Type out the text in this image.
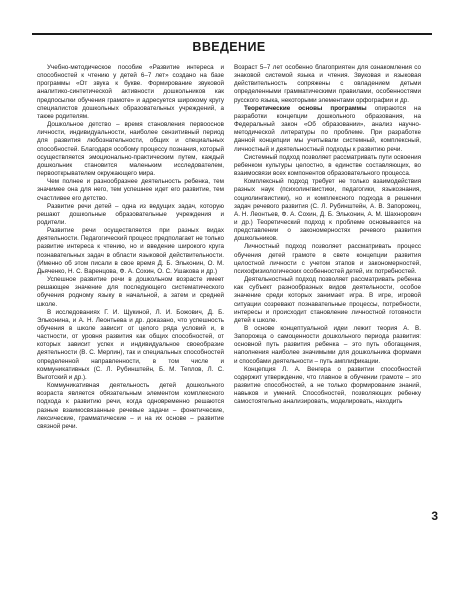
ВВЕДЕНИЕ

Учебно-методическое пособие «Развитие интереса и способностей к чтению у детей 6–7 лет» создано на базе программы «От звука к букве. Формирование звуковой аналитико-синтетической активности дошкольников как предпосылки обучения грамоте» и адресуется широкому кругу специалистов дошкольных образовательных учреждений, а также родителям.

Дошкольное детство – время становления первооснов личности, индивидуальности, наиболее сензитивный период для развития любознательности, общих и специальных способностей. Благодаря особому процессу познания, который осуществляется эмоционально-практическим путем, каждый дошкольник становится маленьким исследователем, первооткрывателем окружающего мира.

Чем полнее и разнообразнее деятельность ребенка, тем значимее она для него, тем успешнее идет его развитие, тем счастливее его детство.

Развитие речи детей – одна из ведущих задач, которую решают дошкольные образовательные учреждения и родители.

Развитие речи осуществляется при разных видах деятельности. Педагогический процесс предполагает не только развитие интереса к чтению, но и введение широкого круга познавательных задач в области языковой действительности. (Именно об этом писали в свое время Д. Б. Эльконин, О. М. Дьяченко, Н. С. Варенцова, Ф. А. Сохин, О. С. Ушакова и др.)

Успешное развитие речи в дошкольном возрасте имеет решающее значение для последующего систематического обучения родному языку в начальной, а затем и средней школе.

В исследованиях Г. И. Щукиной, Л. И. Божович, Д. Б. Эльконина, и А. Н. Леонтьева и др. доказано, что успешность обучения в школе зависит от целого ряда условий и, в частности, от уровня развития как общих способностей, от которых зависит успех и индивидуальное своеобразие деятельности (В. С. Мерлин), так и специальных способностей определенной направленности, в том числе и коммуникативных (С. Л. Рубинштейн, Б. М. Теплов, Л. С. Выготский и др.).

Коммуникативная деятельность детей дошкольного возраста является обязательным элементом комплексного подхода к развитию речи, когда одновременно решаются разные взаимосвязанные речевые задачи – фонетические, лексические, грамматические – и на их основе – развитие связной речи.

Возраст 5–7 лет особенно благоприятен для ознакомления со знаковой системой языка и чтения. Звуковая и языковая действительность сопряжены с овладением детьми определенными грамматическими правилами, особенностями русского языка, некоторыми элементами орфографии и др.

Теоретические основы программы опираются на разработки концепции дошкольного образования, на Федеральный закон «Об образовании», анализ научно-методической литературы по проблеме. При разработке данной концепции мы учитывали системный, комплексный, личностный и деятельностный подходы к развитию речи.

Системный подход позволяет рассматривать пути освоения ребенком культуры целостно, в единстве составляющих, во взаимосвязи всех компонентов образовательного процесса.

Комплексный подход требует не только взаимодействия разных наук (психолингвистики, педагогики, языкознания, социолингвистики), но и комплексного подхода в решении задач речевого развития (С. Л. Рубинштейн, А. В. Запорожец, А. Н. Леонтьев, Ф. А. Сохин, Д. Б. Эльконин, А. М. Шахнорович и др.) Теоретический подход к проблеме основывается на представлении о закономерностях речевого развития дошкольников.

Личностный подход позволяет рассматривать процесс обучения детей грамоте в свете концепции развития целостной личности с учетом этапов и закономерностей, психофизиологических особенностей детей, их потребностей.

Деятельностный подход позволяет рассматривать ребенка как субъект разнообразных видов деятельности, особое значение среди которых занимает игра. В игре, игровой ситуации созревают познавательные процессы, потребности, интересы и происходит становление личностной готовности детей к школе.

В основе концептуальной идеи лежит теория А. В. Запорожца о самоценности дошкольного периода развития: основной путь развития ребенка – это путь обогащения, наполнения наиболее значимыми для дошкольника формами и способами деятельности – путь амплификации.

Концепция Л. А. Венгера о развитии способностей содержит утверждение, что главное в обучении грамоте – это развитие способностей, а не только формирование знаний, навыков и умений. Способностей, позволяющих ребенку самостоятельно анализировать, моделировать, находить

3
